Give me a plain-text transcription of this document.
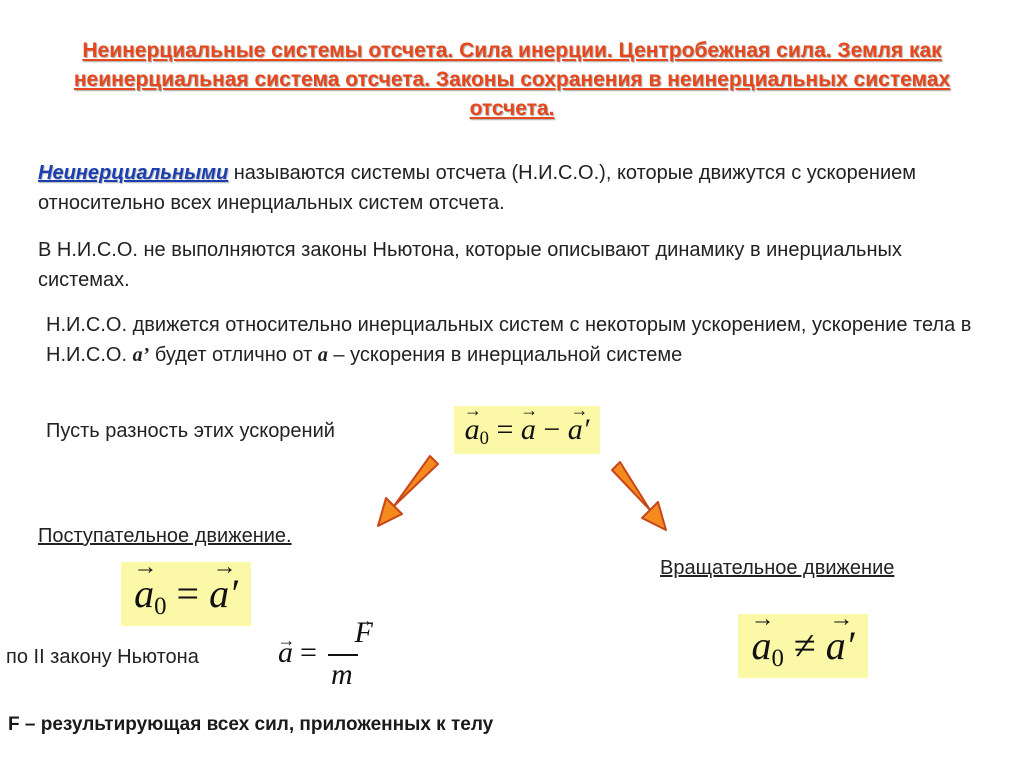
Неинерциальные системы отсчета. Сила инерции. Центробежная сила. Земля как неинерциальная система отсчета. Законы сохранения в неинерциальных системах отсчета.
Неинерциальными называются системы отсчета (Н.И.С.О.), которые движутся с ускорением относительно всех инерциальных систем отсчета.
В Н.И.С.О. не выполняются законы Ньютона, которые описывают динамику в инерциальных системах.
Н.И.С.О. движется относительно инерциальных систем с некоторым ускорением, ускорение тела в Н.И.С.О. a’ будет отлично от a – ускорения в инерциальной системе
Пусть разность этих ускорений	→ $a_0$ = → a − → a′
Поступательное движение.
→ $a_0$ = → a′
Вращательное движение
→ $a_0$ ≠ → a′
по II закону Ньютона	→ a =
→ F
m
F – результирующая всех сил, приложенных к телу
